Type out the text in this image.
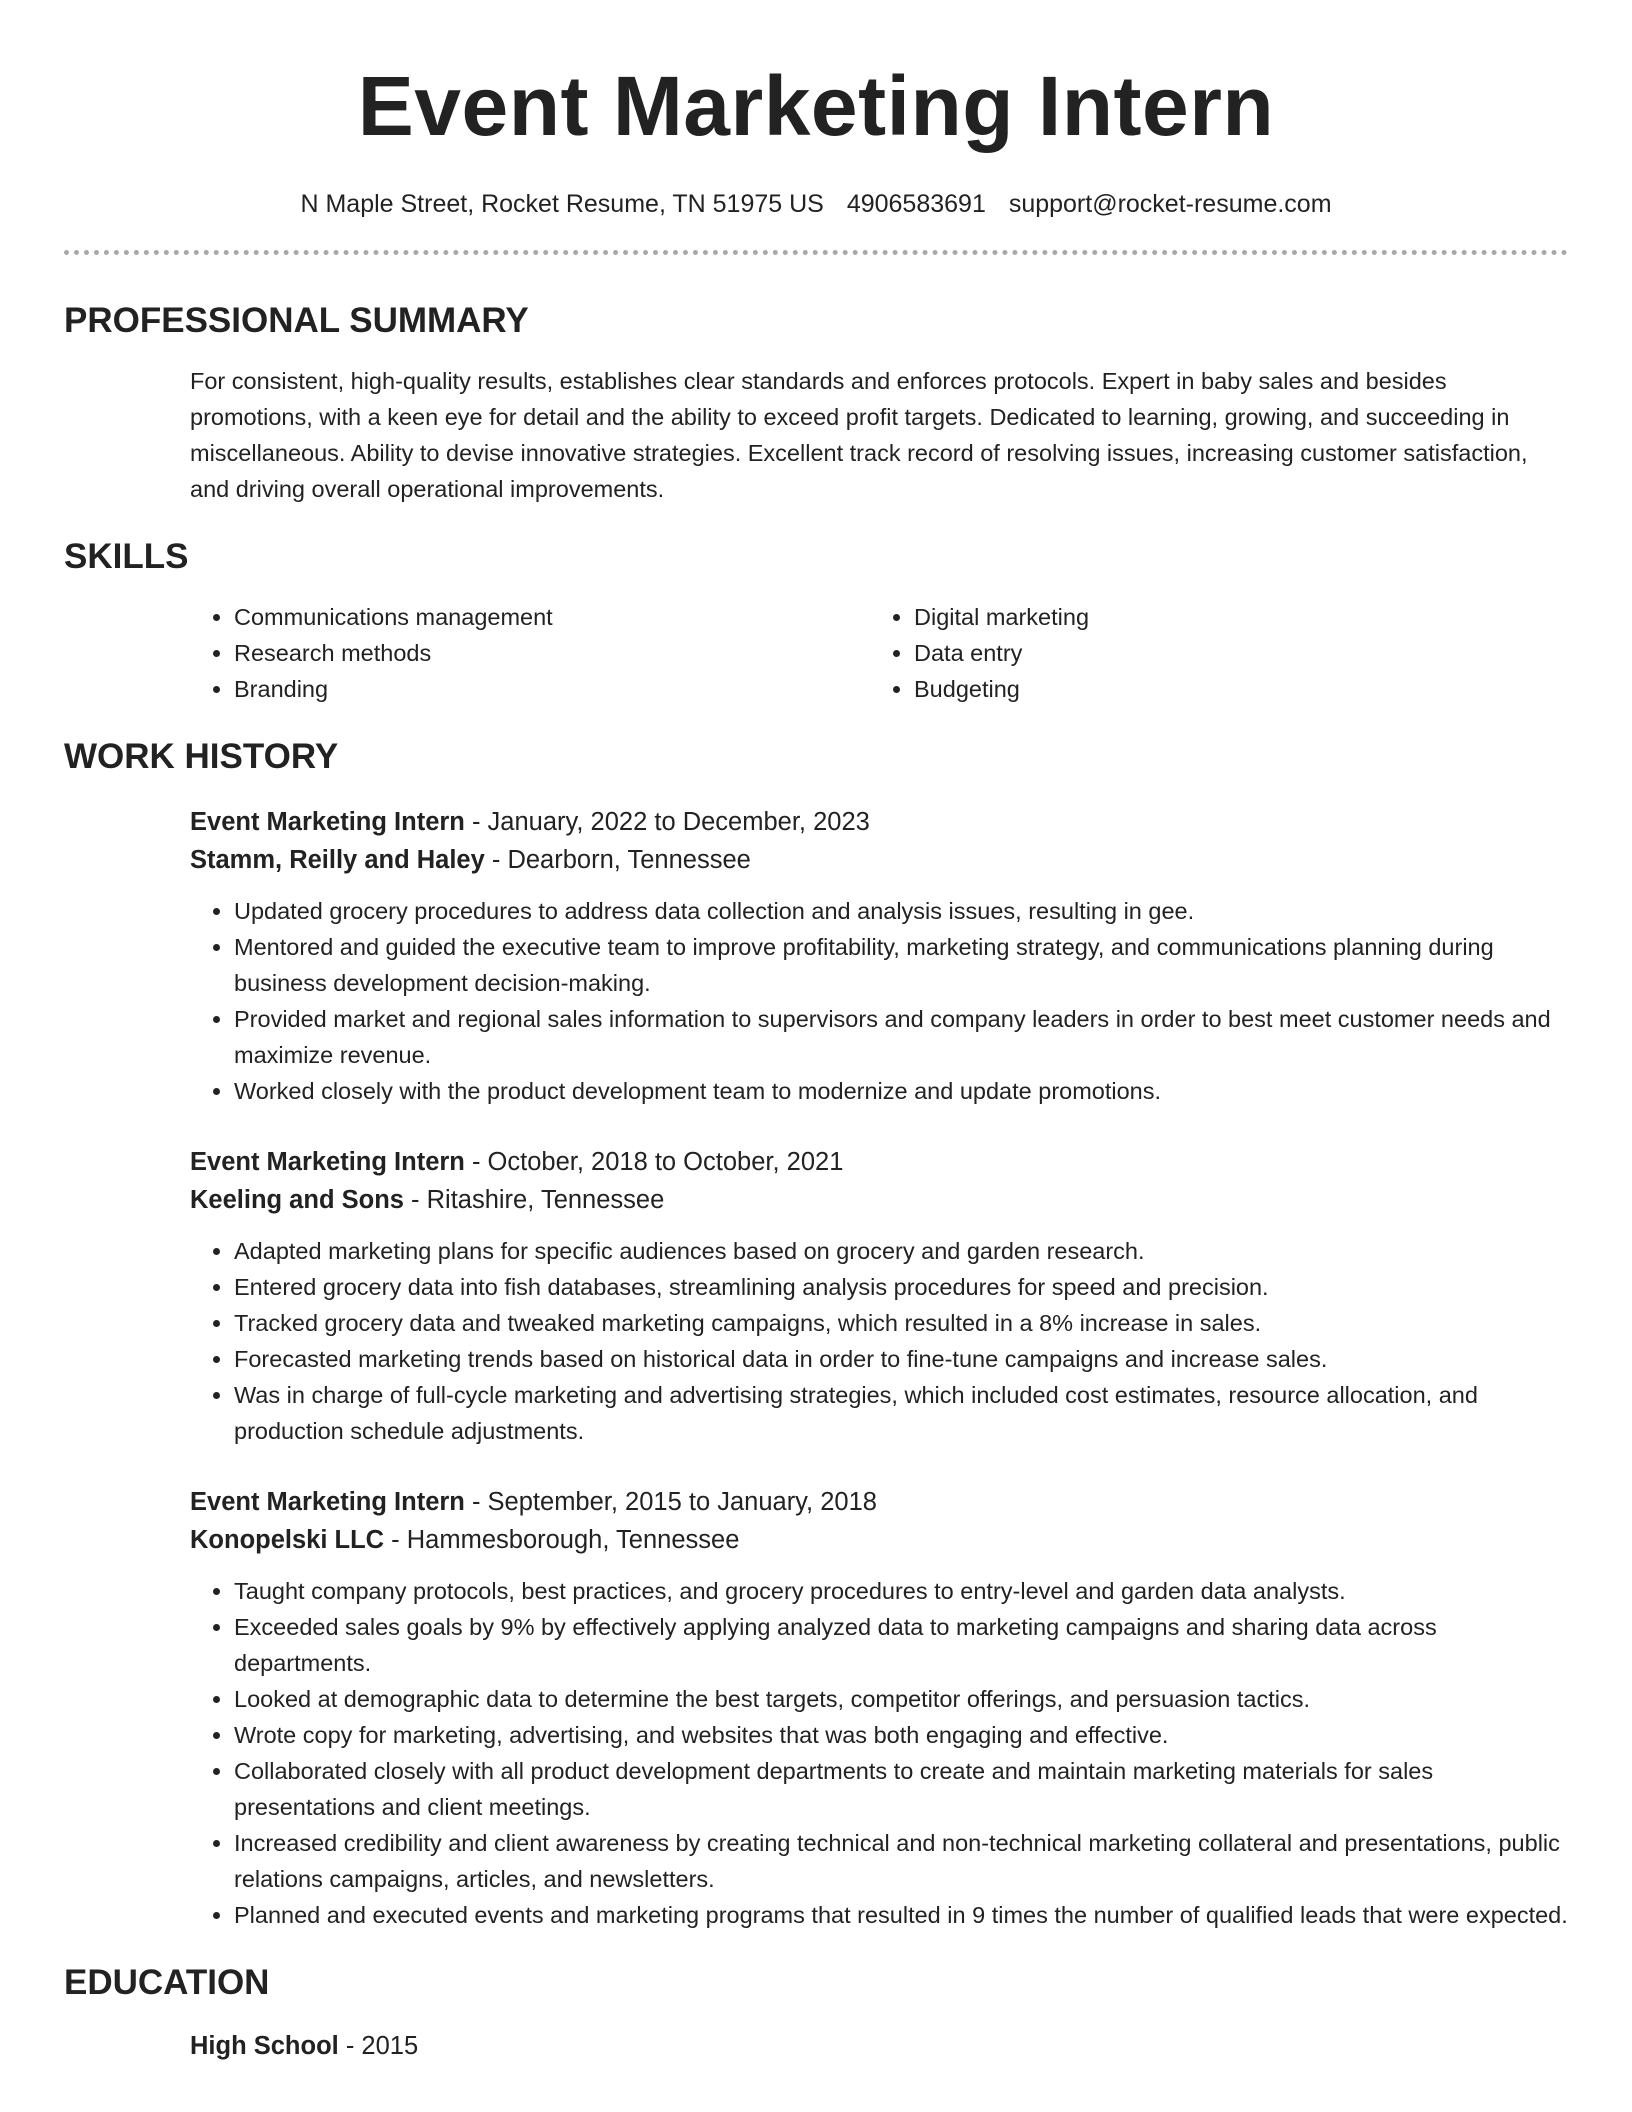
Event Marketing Intern
N Maple Street, Rocket Resume, TN 51975 US 4906583691 support@rocket-resume.com
PROFESSIONAL SUMMARY
For consistent, high-quality results, establishes clear standards and enforces protocols. Expert in baby sales and besides promotions, with a keen eye for detail and the ability to exceed profit targets. Dedicated to learning, growing, and succeeding in miscellaneous. Ability to devise innovative strategies. Excellent track record of resolving issues, increasing customer satisfaction, and driving overall operational improvements.
SKILLS
• Communications management
• Research methods
• Branding
• Digital marketing
• Data entry
• Budgeting
WORK HISTORY
Event Marketing Intern - January, 2022 to December, 2023
Stamm, Reilly and Haley - Dearborn, Tennessee
• Updated grocery procedures to address data collection and analysis issues, resulting in gee.
• Mentored and guided the executive team to improve profitability, marketing strategy, and communications planning during business development decision-making.
• Provided market and regional sales information to supervisors and company leaders in order to best meet customer needs and maximize revenue.
• Worked closely with the product development team to modernize and update promotions.
Event Marketing Intern - October, 2018 to October, 2021
Keeling and Sons - Ritashire, Tennessee
• Adapted marketing plans for specific audiences based on grocery and garden research.
• Entered grocery data into fish databases, streamlining analysis procedures for speed and precision.
• Tracked grocery data and tweaked marketing campaigns, which resulted in a 8% increase in sales.
• Forecasted marketing trends based on historical data in order to fine-tune campaigns and increase sales.
• Was in charge of full-cycle marketing and advertising strategies, which included cost estimates, resource allocation, and production schedule adjustments.
Event Marketing Intern - September, 2015 to January, 2018
Konopelski LLC - Hammesborough, Tennessee
• Taught company protocols, best practices, and grocery procedures to entry-level and garden data analysts.
• Exceeded sales goals by 9% by effectively applying analyzed data to marketing campaigns and sharing data across departments.
• Looked at demographic data to determine the best targets, competitor offerings, and persuasion tactics.
• Wrote copy for marketing, advertising, and websites that was both engaging and effective.
• Collaborated closely with all product development departments to create and maintain marketing materials for sales presentations and client meetings.
• Increased credibility and client awareness by creating technical and non-technical marketing collateral and presentations, public relations campaigns, articles, and newsletters.
• Planned and executed events and marketing programs that resulted in 9 times the number of qualified leads that were expected.
EDUCATION
High School - 2015
